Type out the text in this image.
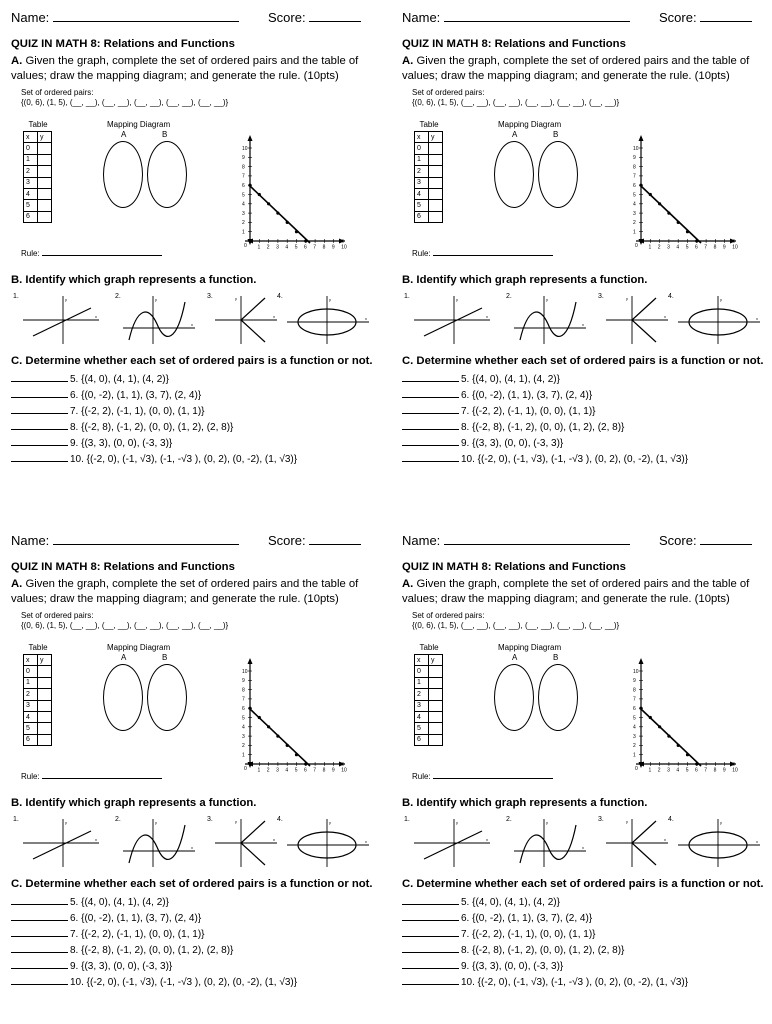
Name:	Score:
QUIZ IN MATH 8: Relations and Functions
A. Given the graph, complete the set of ordered pairs and the table of values; draw the mapping diagram; and generate the rule. (10pts)
Set of ordered pairs:
{(0, 6), (1, 5), (__, __), (__, __), (__, __), (__, __), (__, __)}
Table
x	y
0	
1	
2	
3	
4	
5	
6	
Mapping Diagram
A	B
10
9
8
7
6
5
4
3
2
1
1 2 3 4 5 6 7 8 9 10
0
Rule:
B. Identify which graph represents a function.
1.	y
x
2.	y
x
3.	y
x
4.	y
x
C. Determine whether each set of ordered pairs is a function or not.
5. {(4, 0), (4, 1), (4, 2)}
6. {(0, -2), (1, 1), (3, 7), (2, 4)}
7. {(-2, 2), (-1, 1), (0, 0), (1, 1)}
8. {(-2, 8), (-1, 2), (0, 0), (1, 2), (2, 8)}
9. {(3, 3), (0, 0), (-3, 3)}
10. {(-2, 0), (-1, √3), (-1, -√3 ), (0, 2), (0, -2), (1, √3)}
Name:	Score:
QUIZ IN MATH 8: Relations and Functions
A. Given the graph, complete the set of ordered pairs and the table of values; draw the mapping diagram; and generate the rule. (10pts)
Set of ordered pairs:
{(0, 6), (1, 5), (__, __), (__, __), (__, __), (__, __), (__, __)}
Table
x	y
0	
1	
2	
3	
4	
5	
6	
Mapping Diagram
A	B
10
9
8
7
6
5
4
3
2
1
1 2 3 4 5 6 7 8 9 10
0
Rule:
B. Identify which graph represents a function.
1.	y
x
2.	y
x
3.	y
x
4.	y
x
C. Determine whether each set of ordered pairs is a function or not.
5. {(4, 0), (4, 1), (4, 2)}
6. {(0, -2), (1, 1), (3, 7), (2, 4)}
7. {(-2, 2), (-1, 1), (0, 0), (1, 1)}
8. {(-2, 8), (-1, 2), (0, 0), (1, 2), (2, 8)}
9. {(3, 3), (0, 0), (-3, 3)}
10. {(-2, 0), (-1, √3), (-1, -√3 ), (0, 2), (0, -2), (1, √3)}
Name:	Score:
QUIZ IN MATH 8: Relations and Functions
A. Given the graph, complete the set of ordered pairs and the table of values; draw the mapping diagram; and generate the rule. (10pts)
Set of ordered pairs:
{(0, 6), (1, 5), (__, __), (__, __), (__, __), (__, __), (__, __)}
Table
x	y
0	
1	
2	
3	
4	
5	
6	
Mapping Diagram
A	B
10
9
8
7
6
5
4
3
2
1
1 2 3 4 5 6 7 8 9 10
0
Rule:
B. Identify which graph represents a function.
1.	y
x
2.	y
x
3.	y
x
4.	y
x
C. Determine whether each set of ordered pairs is a function or not.
5. {(4, 0), (4, 1), (4, 2)}
6. {(0, -2), (1, 1), (3, 7), (2, 4)}
7. {(-2, 2), (-1, 1), (0, 0), (1, 1)}
8. {(-2, 8), (-1, 2), (0, 0), (1, 2), (2, 8)}
9. {(3, 3), (0, 0), (-3, 3)}
10. {(-2, 0), (-1, √3), (-1, -√3 ), (0, 2), (0, -2), (1, √3)}
Name:	Score:
QUIZ IN MATH 8: Relations and Functions
A. Given the graph, complete the set of ordered pairs and the table of values; draw the mapping diagram; and generate the rule. (10pts)
Set of ordered pairs:
{(0, 6), (1, 5), (__, __), (__, __), (__, __), (__, __), (__, __)}
Table
x	y
0	
1	
2	
3	
4	
5	
6	
Mapping Diagram
A	B
10
9
8
7
6
5
4
3
2
1
1 2 3 4 5 6 7 8 9 10
0
Rule:
B. Identify which graph represents a function.
1.	y
x
2.	y
x
3.	y
x
4.	y
x
C. Determine whether each set of ordered pairs is a function or not.
5. {(4, 0), (4, 1), (4, 2)}
6. {(0, -2), (1, 1), (3, 7), (2, 4)}
7. {(-2, 2), (-1, 1), (0, 0), (1, 1)}
8. {(-2, 8), (-1, 2), (0, 0), (1, 2), (2, 8)}
9. {(3, 3), (0, 0), (-3, 3)}
10. {(-2, 0), (-1, √3), (-1, -√3 ), (0, 2), (0, -2), (1, √3)}
